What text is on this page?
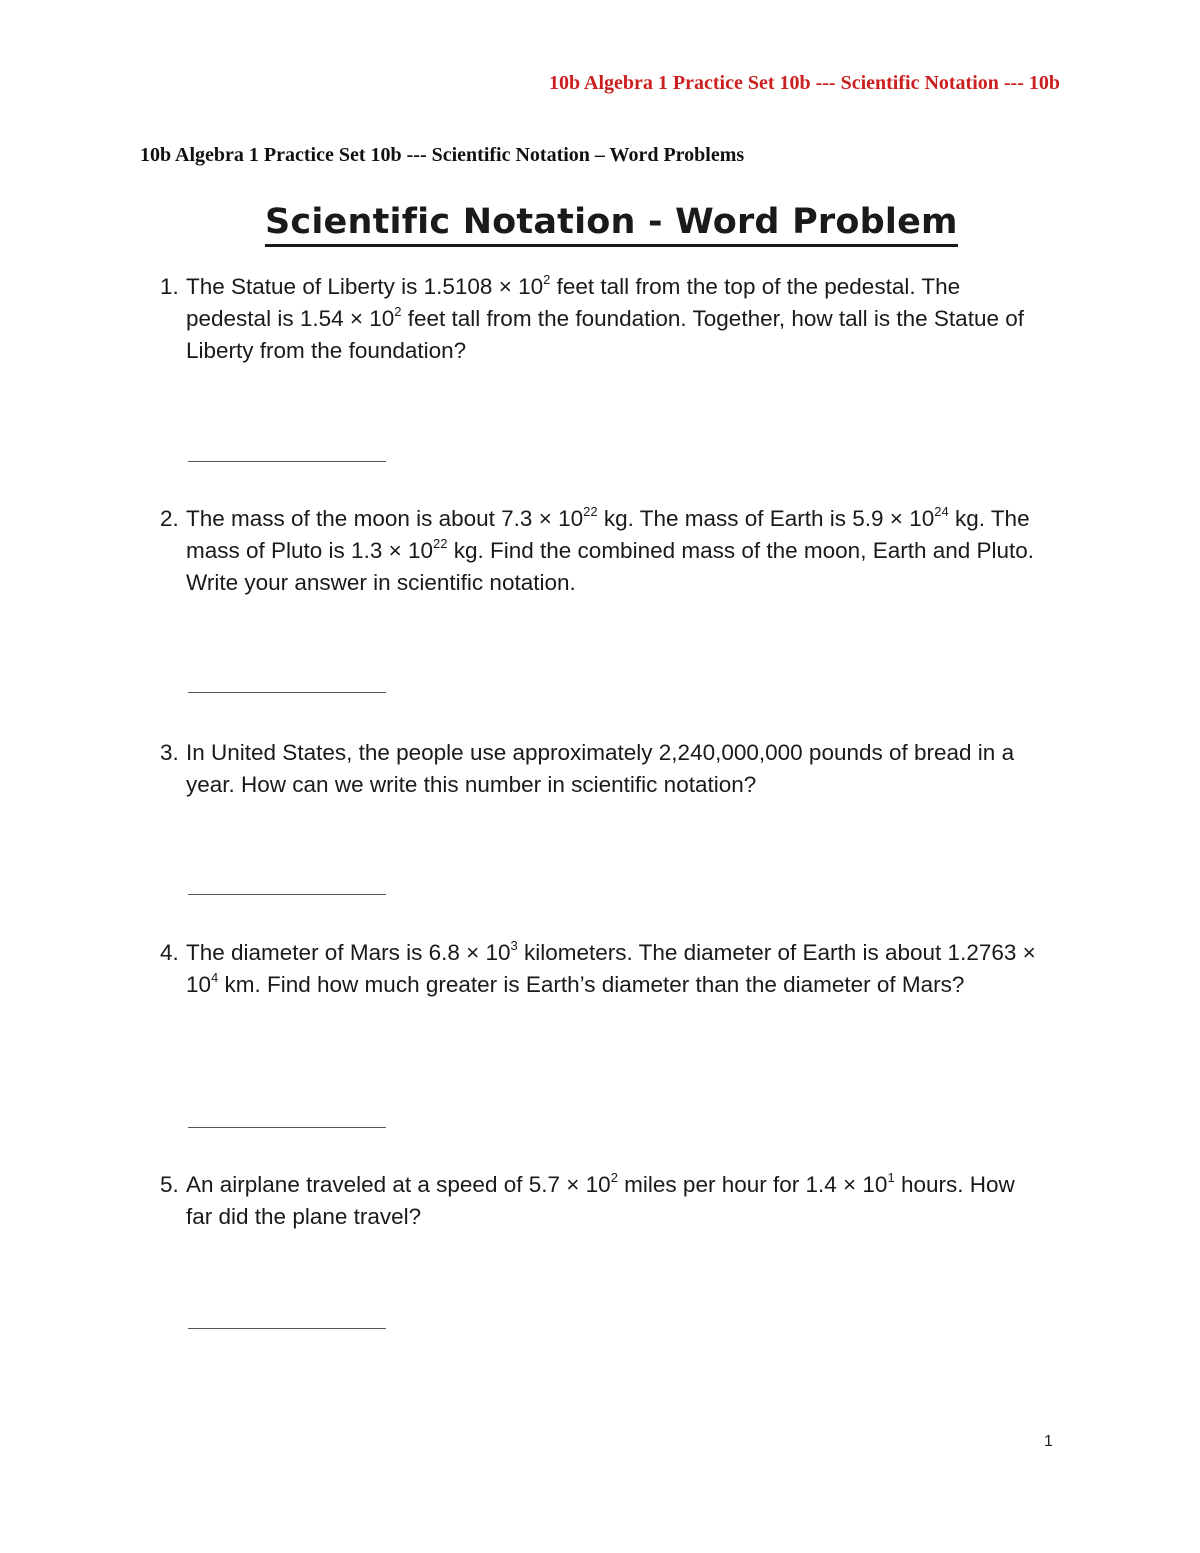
10b Algebra 1 Practice Set 10b --- Scientific Notation --- 10b
10b Algebra 1 Practice Set 10b --- Scientific Notation – Word Problems
Scientific Notation - Word Problem
1. The Statue of Liberty is $1.5108 \times 10^2$ feet tall from the top of the pedestal. The pedestal is $1.54 \times 10^2$ feet tall from the foundation. Together, how tall is the Statue of Liberty from the foundation?
2. The mass of the moon is about $7.3 \times 10^{22}$ kg. The mass of Earth is $5.9 \times 10^{24}$ kg. The mass of Pluto is $1.3 \times 10^{22}$ kg. Find the combined mass of the moon, Earth and Pluto. Write your answer in scientific notation.
3. In United States, the people use approximately 2,240,000,000 pounds of bread in a year. How can we write this number in scientific notation?
4. The diameter of Mars is $6.8 \times 10^3$ kilometers. The diameter of Earth is about $1.2763 \times 10^4$ km. Find how much greater is Earth’s diameter than the diameter of Mars?
5. An airplane traveled at a speed of $5.7 \times 10^2$ miles per hour for $1.4 \times 10^1$ hours. How far did the plane travel?
1
